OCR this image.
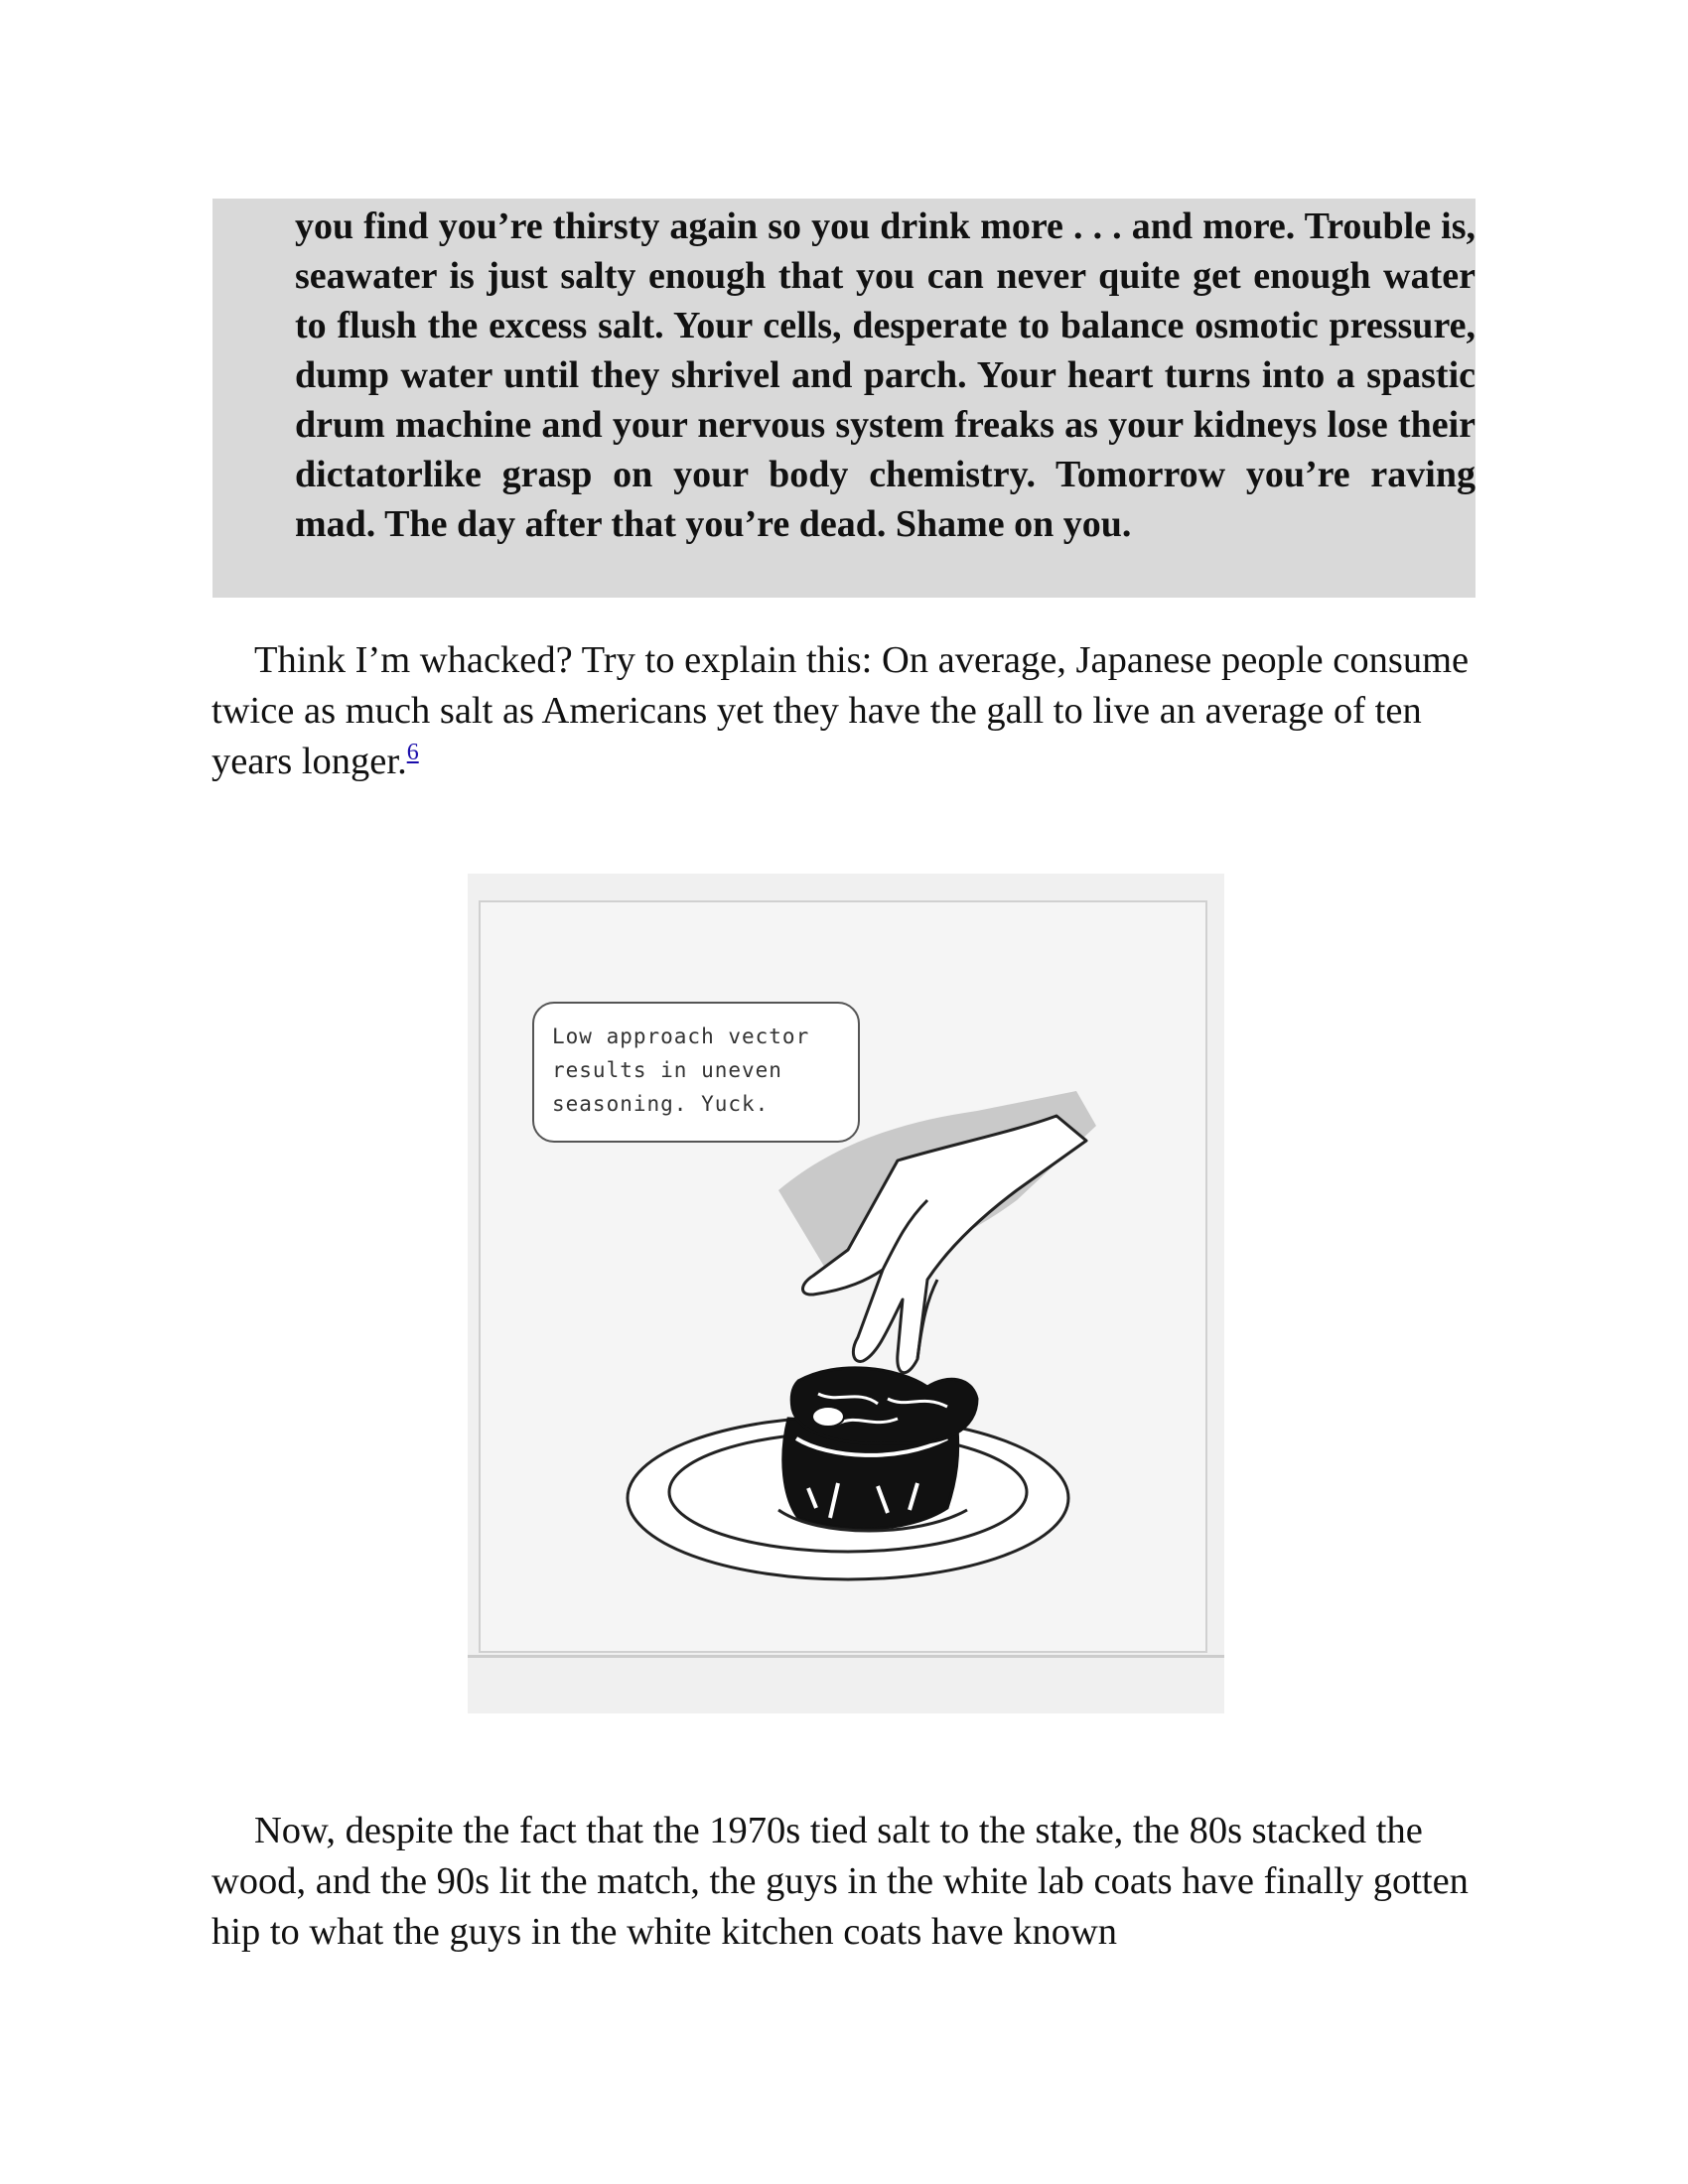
you find you’re thirsty again so you drink more . . . and more. Trouble is, seawater is just salty enough that you can never quite get enough water to flush the excess salt. Your cells, desperate to balance osmotic pressure, dump water until they shrivel and parch. Your heart turns into a spastic drum machine and your nervous system freaks as your kidneys lose their dictatorlike grasp on your body chemistry. Tomorrow you’re raving mad. The day after that you’re dead. Shame on you.

Think I’m whacked? Try to explain this: On average, Japanese people consume twice as much salt as Americans yet they have the gall to live an average of ten years longer.$^6$

Low approach vector results in uneven seasoning. Yuck.

Now, despite the fact that the 1970s tied salt to the stake, the 80s stacked the wood, and the 90s lit the match, the guys in the white lab coats have finally gotten hip to what the guys in the white kitchen coats have known
